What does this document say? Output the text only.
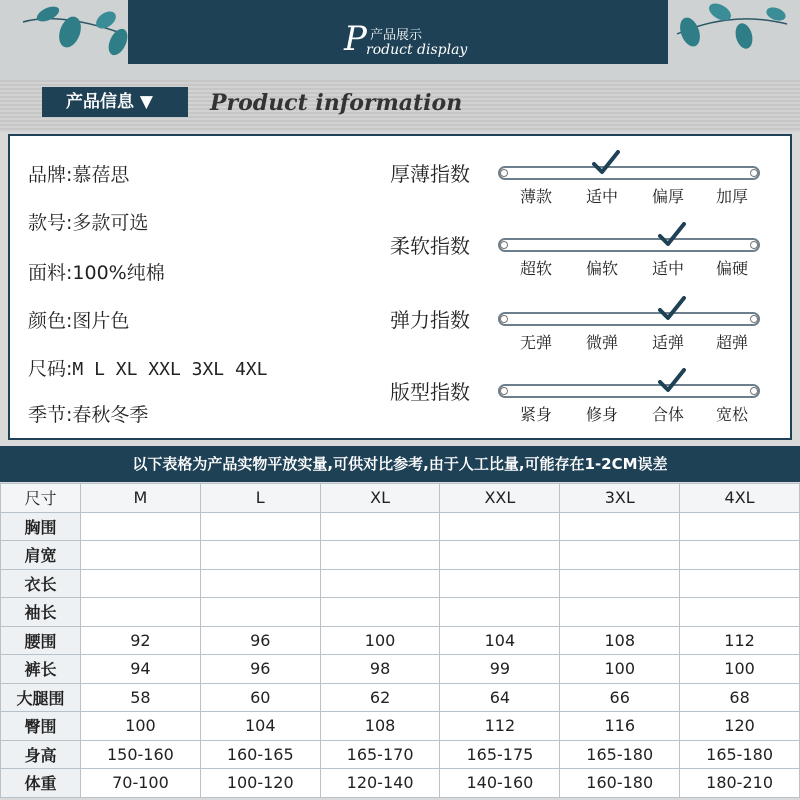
P 产品展示
roduct display
产品信息 ▼	Product information
品牌:慕蓓思
款号:多款可选
面料:100%纯棉
颜色:图片色
尺码:M L XL XXL 3XL 4XL
季节:春秋冬季
厚薄指数
薄款 适中 偏厚 加厚
柔软指数
超软 偏软 适中 偏硬
弹力指数
无弹 微弹 适弹 超弹
版型指数
紧身 修身 合体 宽松
以下表格为产品实物平放实量,可供对比参考,由于人工比量,可能存在1-2CM误差
尺寸	M	L	XL	XXL	3XL	4XL
胸围						
肩宽						
衣长						
袖长						
腰围	92	96	100	104	108	112
裤长	94	96	98	99	100	100
大腿围	58	60	62	64	66	68
臀围	100	104	108	112	116	120
身高	150-160	160-165	165-170	165-175	165-180	165-180
体重	70-100	100-120	120-140	140-160	160-180	180-210
